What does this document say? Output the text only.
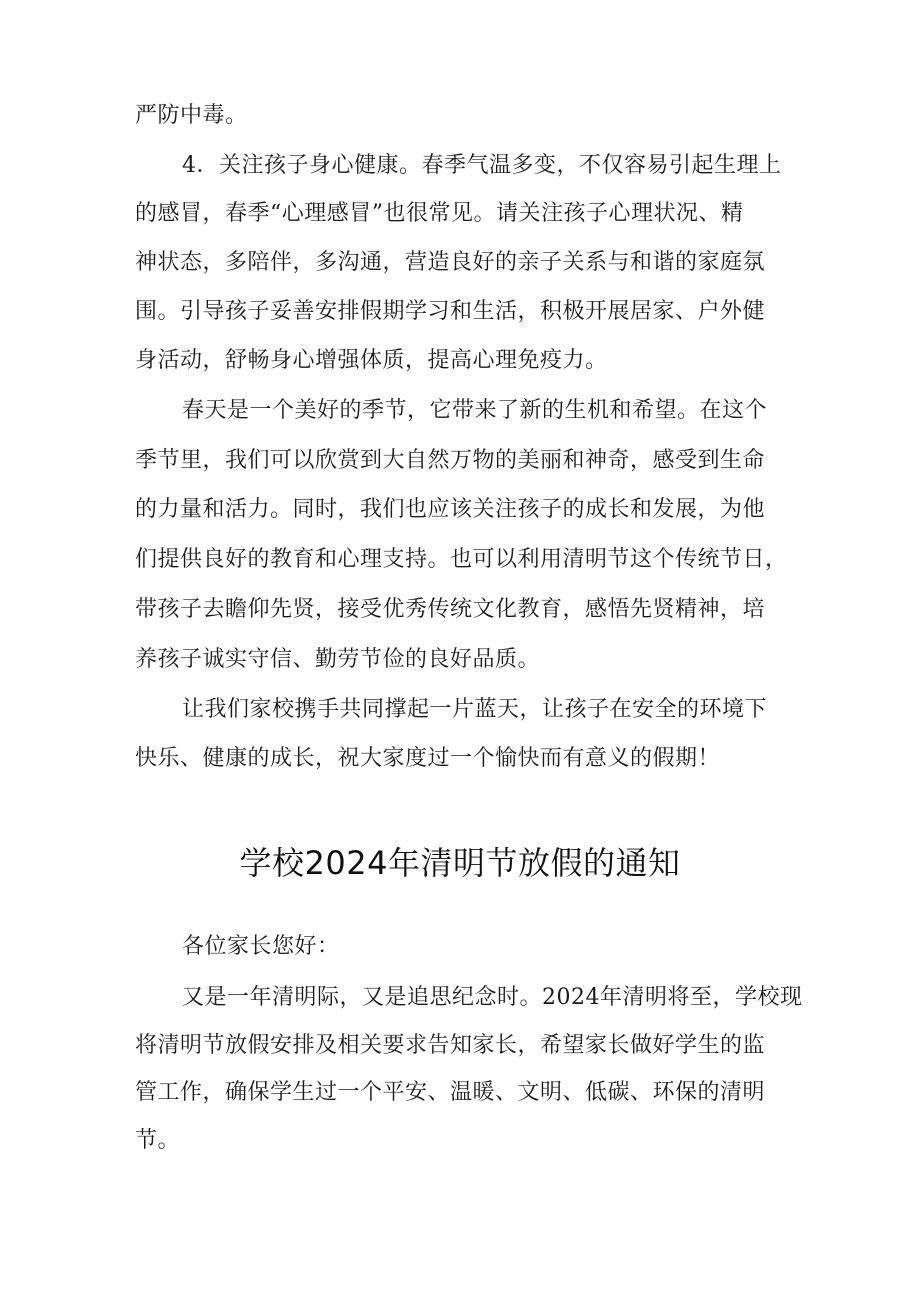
严防中毒。
4．关注孩子身心健康。春季气温多变，不仅容易引起生理上
的感冒，春季“心理感冒”也很常见。请关注孩子心理状况、精
神状态，多陪伴，多沟通，营造良好的亲子关系与和谐的家庭氛
围。引导孩子妥善安排假期学习和生活，积极开展居家、户外健
身活动，舒畅身心增强体质，提高心理免疫力。
春天是一个美好的季节，它带来了新的生机和希望。在这个
季节里，我们可以欣赏到大自然万物的美丽和神奇，感受到生命
的力量和活力。同时，我们也应该关注孩子的成长和发展，为他
们提供良好的教育和心理支持。也可以利用清明节这个传统节日，
带孩子去瞻仰先贤，接受优秀传统文化教育，感悟先贤精神，培
养孩子诚实守信、勤劳节俭的良好品质。
让我们家校携手共同撑起一片蓝天，让孩子在安全的环境下
快乐、健康的成长，祝大家度过一个愉快而有意义的假期！
学校2024年清明节放假的通知
各位家长您好：
又是一年清明际，又是追思纪念时。2024年清明将至，学校现
将清明节放假安排及相关要求告知家长，希望家长做好学生的监
管工作，确保学生过一个平安、温暖、文明、低碳、环保的清明
节。
